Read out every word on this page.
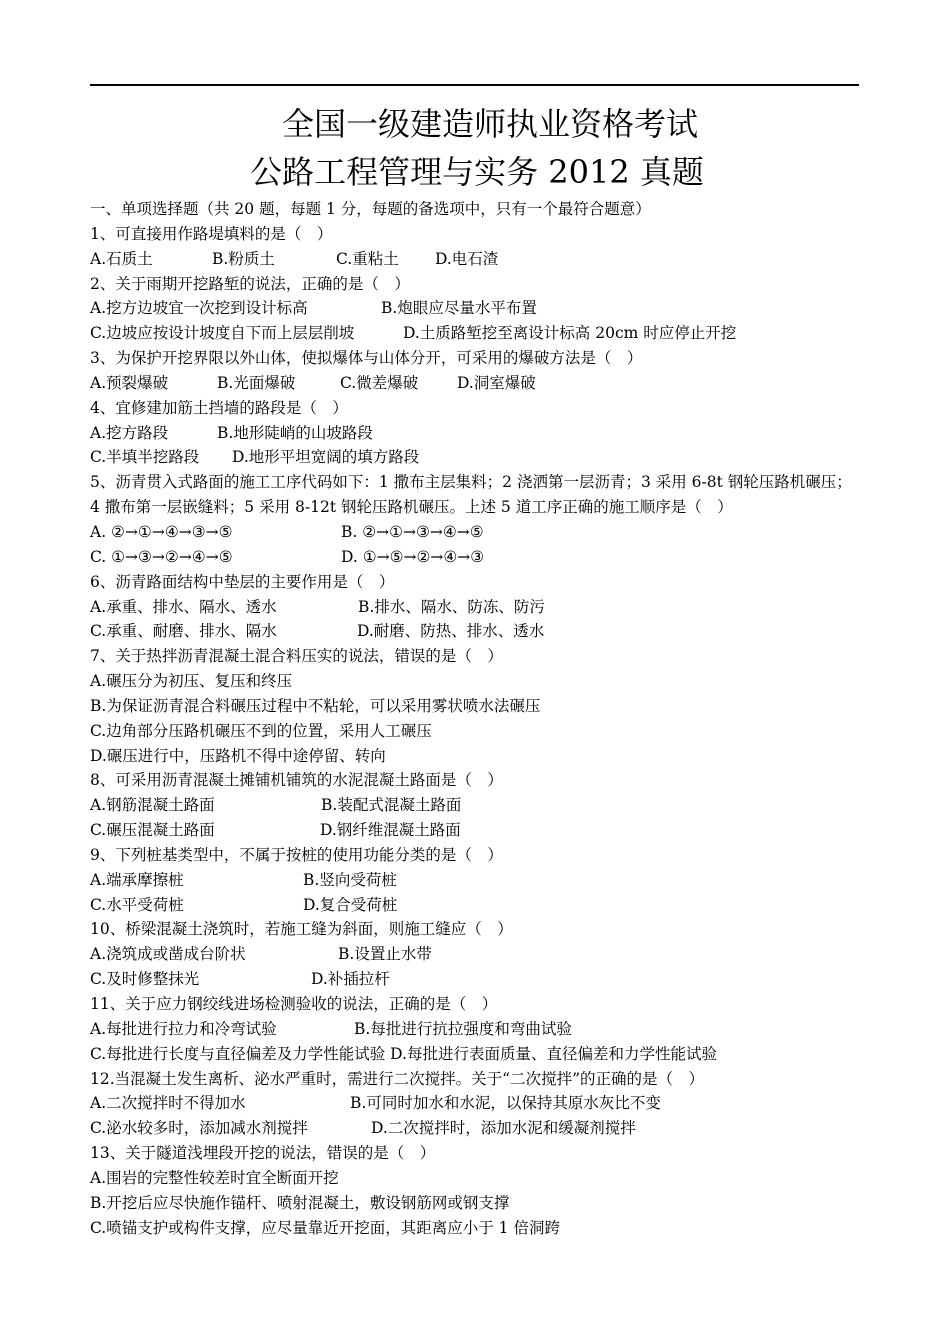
全国一级建造师执业资格考试
公路工程管理与实务 2012 真题
一、单项选择题（共 20 题，每题 1 分，每题的备选项中，只有一个最符合题意）
1、可直接用作路堤填料的是（　）
A.石质土	B.粉质土	C.重粘土 D.电石渣
2、关于雨期开挖路堑的说法，正确的是（　）
A.挖方边坡宜一次挖到设计标高	B.炮眼应尽量水平布置
C.边坡应按设计坡度自下而上层层削坡	D.土质路堑挖至离设计标高 20cm 时应停止开挖
3、为保护开挖界限以外山体，使拟爆体与山体分开，可采用的爆破方法是（　）
A.预裂爆破	B.光面爆破	C.微差爆破	D.洞室爆破
4、宜修建加筋土挡墙的路段是（　）
A.挖方路段	B.地形陡峭的山坡路段
C.半填半挖路段 D.地形平坦宽阔的填方路段
5、沥青贯入式路面的施工工序代码如下：1 撒布主层集料；2 浇洒第一层沥青；3 采用 6-8t 钢轮压路机碾压；
4 撒布第一层嵌缝料；5 采用 8-12t 钢轮压路机碾压。上述 5 道工序正确的施工顺序是（　）
A. ②→①→④→③→⑤	B. ②→①→③→④→⑤
C. ①→③→②→④→⑤	D. ①→⑤→②→④→③
6、沥青路面结构中垫层的主要作用是（　）
A.承重、排水、隔水、透水	B.排水、隔水、防冻、防污
C.承重、耐磨、排水、隔水	D.耐磨、防热、排水、透水
7、关于热拌沥青混凝土混合料压实的说法，错误的是（　）
A.碾压分为初压、复压和终压
B.为保证沥青混合料碾压过程中不粘轮，可以采用雾状喷水法碾压
C.边角部分压路机碾压不到的位置，采用人工碾压
D.碾压进行中，压路机不得中途停留、转向
8、可采用沥青混凝土摊铺机铺筑的水泥混凝土路面是（　）
A.钢筋混凝土路面	B.装配式混凝土路面
C.碾压混凝土路面	D.钢纤维混凝土路面
9、下列桩基类型中，不属于按桩的使用功能分类的是（　）
A.端承摩擦桩	B.竖向受荷桩
C.水平受荷桩	D.复合受荷桩
10、桥梁混凝土浇筑时，若施工缝为斜面，则施工缝应（　）
A.浇筑成或凿成台阶状	B.设置止水带
C.及时修整抹光	D.补插拉杆
11、关于应力钢绞线进场检测验收的说法，正确的是（　）
A.每批进行拉力和冷弯试验	B.每批进行抗拉强度和弯曲试验
C.每批进行长度与直径偏差及力学性能试验 D.每批进行表面质量、直径偏差和力学性能试验
12.当混凝土发生离析、泌水严重时，需进行二次搅拌。关于“二次搅拌”的正确的是（　）
A.二次搅拌时不得加水	B.可同时加水和水泥，以保持其原水灰比不变
C.泌水较多时，添加减水剂搅拌	D.二次搅拌时，添加水泥和缓凝剂搅拌
13、关于隧道浅埋段开挖的说法，错误的是（　）
A.围岩的完整性较差时宜全断面开挖
B.开挖后应尽快施作锚杆、喷射混凝土，敷设钢筋网或钢支撑
C.喷锚支护或构件支撑，应尽量靠近开挖面，其距离应小于 1 倍洞跨
